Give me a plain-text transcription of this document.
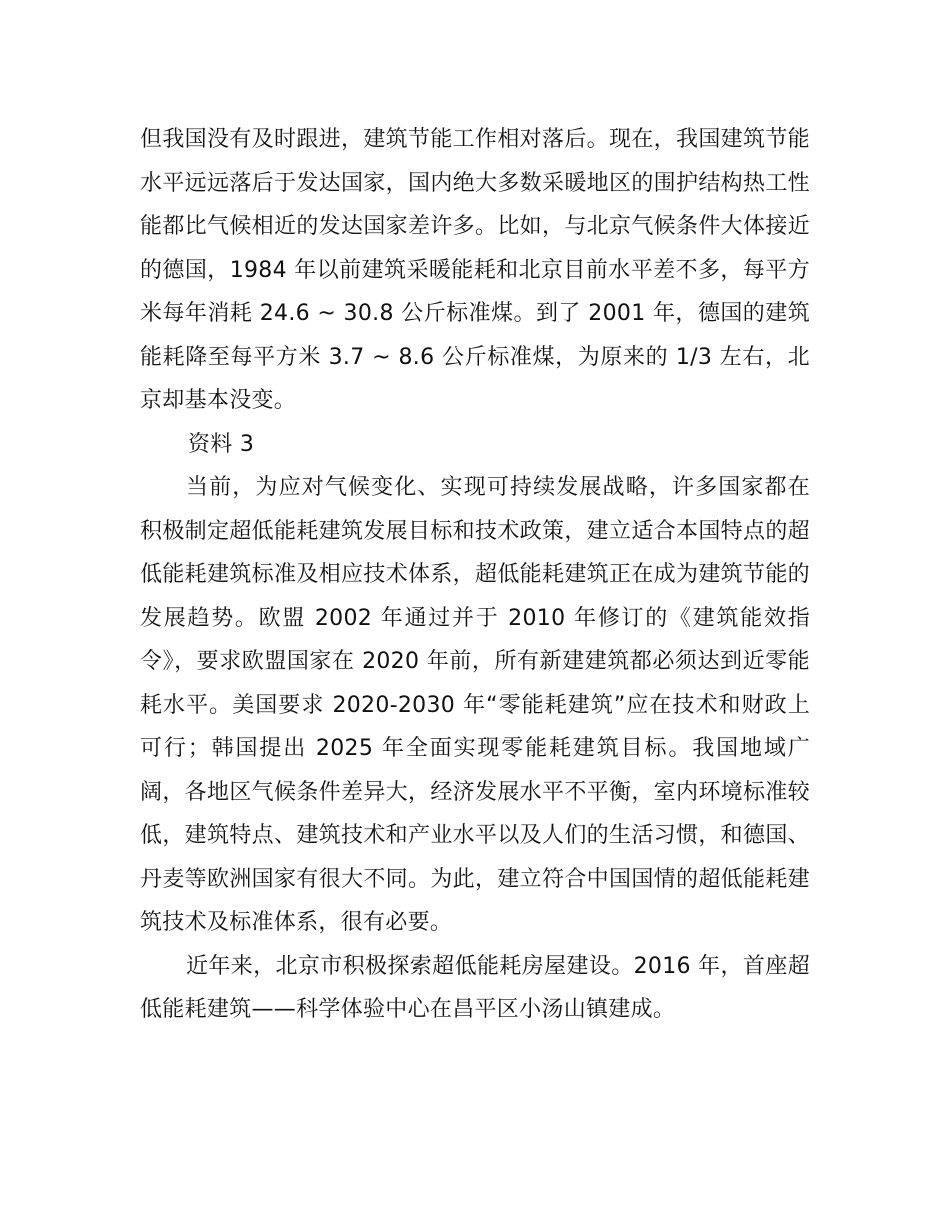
但我国没有及时跟进，建筑节能工作相对落后。现在，我国建筑节能水平远远落后于发达国家，国内绝大多数采暖地区的围护结构热工性能都比气候相近的发达国家差许多。比如，与北京气候条件大体接近的德国，1984 年以前建筑采暖能耗和北京目前水平差不多，每平方米每年消耗 24.6 ~ 30.8 公斤标准煤。到了 2001 年，德国的建筑能耗降至每平方米 3.7 ~ 8.6 公斤标准煤，为原来的 1/3 左右，北京却基本没变。

资料 3

当前，为应对气候变化、实现可持续发展战略，许多国家都在积极制定超低能耗建筑发展目标和技术政策，建立适合本国特点的超低能耗建筑标准及相应技术体系，超低能耗建筑正在成为建筑节能的发展趋势。欧盟 2002 年通过并于 2010 年修订的《建筑能效指令》，要求欧盟国家在 2020 年前，所有新建建筑都必须达到近零能耗水平。美国要求 2020-2030 年“零能耗建筑”应在技术和财政上可行；韩国提出 2025 年全面实现零能耗建筑目标。我国地域广阔，各地区气候条件差异大，经济发展水平不平衡，室内环境标准较低，建筑特点、建筑技术和产业水平以及人们的生活习惯，和德国、丹麦等欧洲国家有很大不同。为此，建立符合中国国情的超低能耗建筑技术及标准体系，很有必要。

近年来，北京市积极探索超低能耗房屋建设。2016 年，首座超低能耗建筑——科学体验中心在昌平区小汤山镇建成。
